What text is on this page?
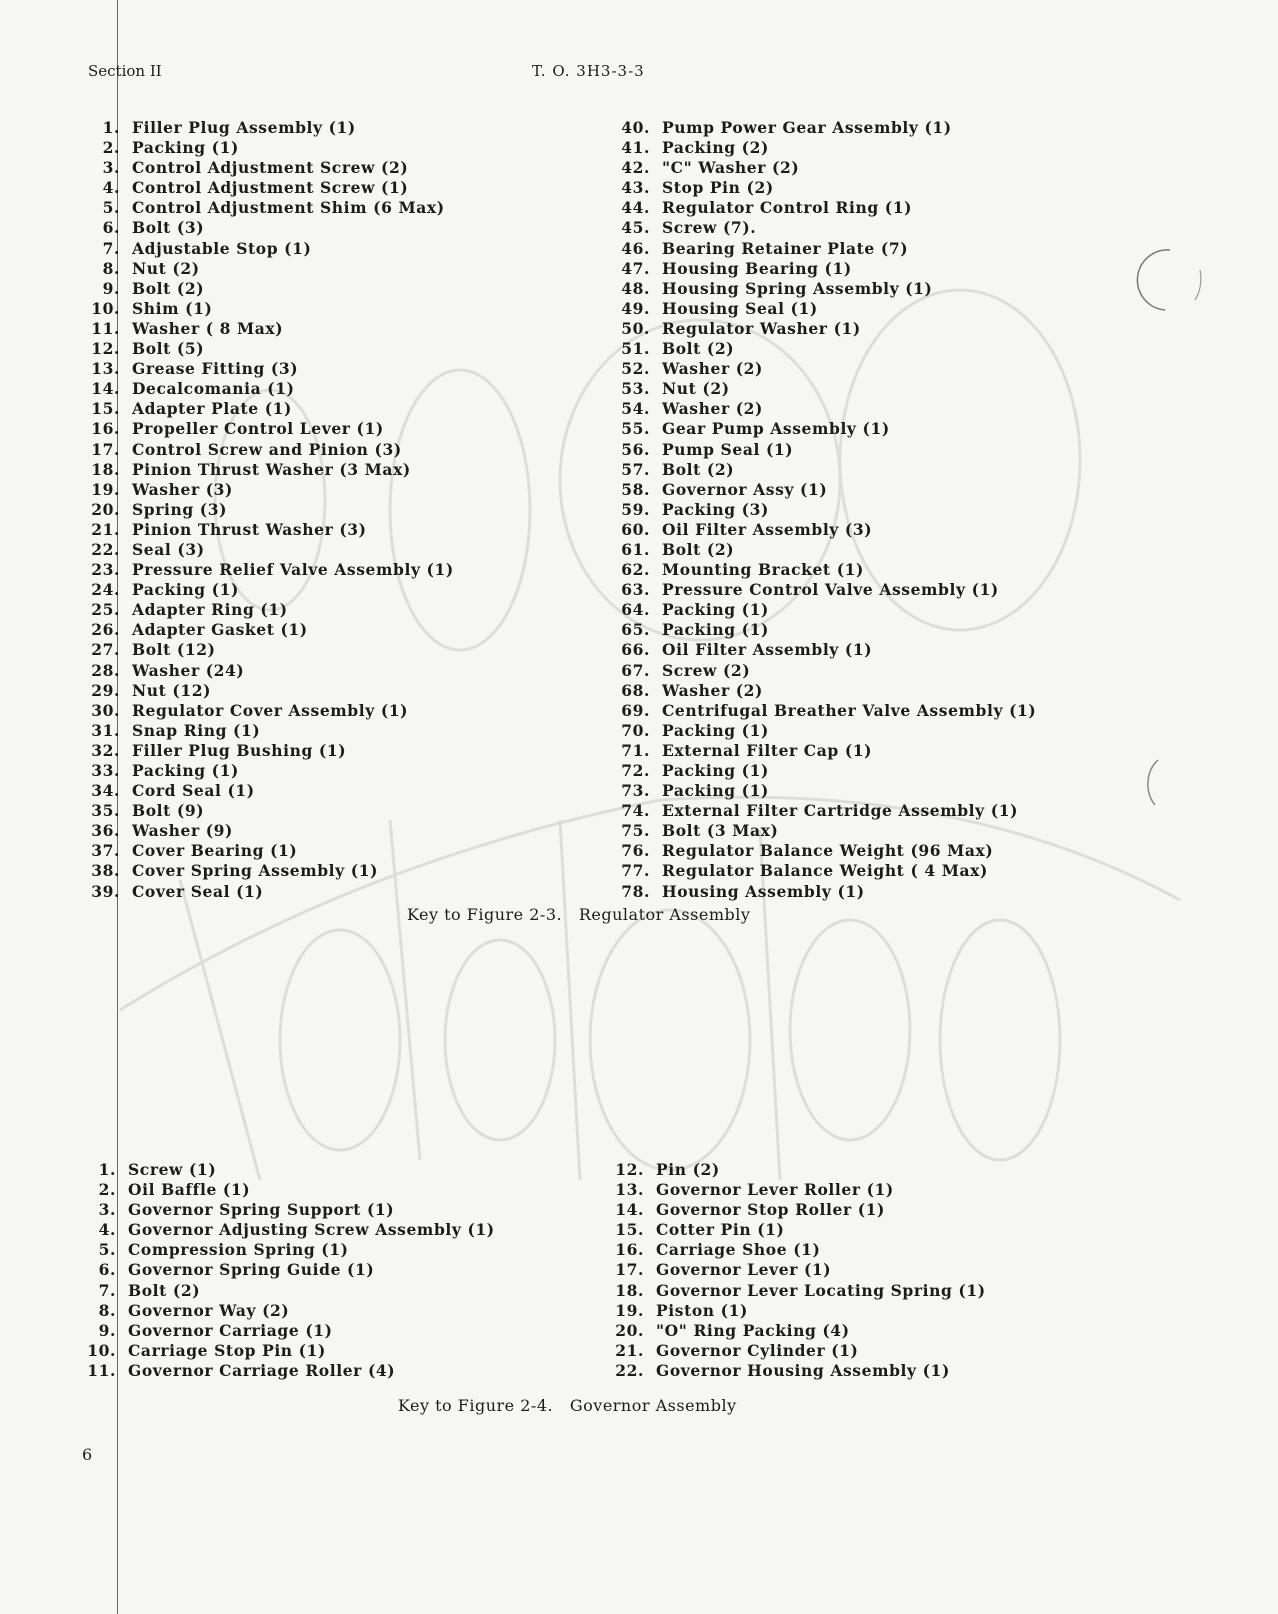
Section II	T. O. 3H3-3-3
1. Filler Plug Assembly (1)
2. Packing (1)
3. Control Adjustment Screw (2)
4. Control Adjustment Screw (1)
5. Control Adjustment Shim (6 Max)
6. Bolt (3)
7. Adjustable Stop (1)
8. Nut (2)
9. Bolt (2)
10. Shim (1)
11. Washer ( 8 Max)
12. Bolt (5)
13. Grease Fitting (3)
14. Decalcomania (1)
15. Adapter Plate (1)
16. Propeller Control Lever (1)
17. Control Screw and Pinion (3)
18. Pinion Thrust Washer (3 Max)
19. Washer (3)
20. Spring (3)
21. Pinion Thrust Washer (3)
22. Seal (3)
23. Pressure Relief Valve Assembly (1)
24. Packing (1)
25. Adapter Ring (1)
26. Adapter Gasket (1)
27. Bolt (12)
28. Washer (24)
29. Nut (12)
30. Regulator Cover Assembly (1)
31. Snap Ring (1)
32. Filler Plug Bushing (1)
33. Packing (1)
34. Cord Seal (1)
35. Bolt (9)
36. Washer (9)
37. Cover Bearing (1)
38. Cover Spring Assembly (1)
39. Cover Seal (1)
40. Pump Power Gear Assembly (1)
41. Packing (2)
42. "C" Washer (2)
43. Stop Pin (2)
44. Regulator Control Ring (1)
45. Screw (7).
46. Bearing Retainer Plate (7)
47. Housing Bearing (1)
48. Housing Spring Assembly (1)
49. Housing Seal (1)
50. Regulator Washer (1)
51. Bolt (2)
52. Washer (2)
53. Nut (2)
54. Washer (2)
55. Gear Pump Assembly (1)
56. Pump Seal (1)
57. Bolt (2)
58. Governor Assy (1)
59. Packing (3)
60. Oil Filter Assembly (3)
61. Bolt (2)
62. Mounting Bracket (1)
63. Pressure Control Valve Assembly (1)
64. Packing (1)
65. Packing (1)
66. Oil Filter Assembly (1)
67. Screw (2)
68. Washer (2)
69. Centrifugal Breather Valve Assembly (1)
70. Packing (1)
71. External Filter Cap (1)
72. Packing (1)
73. Packing (1)
74. External Filter Cartridge Assembly (1)
75. Bolt (3 Max)
76. Regulator Balance Weight (96 Max)
77. Regulator Balance Weight ( 4 Max)
78. Housing Assembly (1)
Key to Figure 2-3. Regulator Assembly
1. Screw (1)
2. Oil Baffle (1)
3. Governor Spring Support (1)
4. Governor Adjusting Screw Assembly (1)
5. Compression Spring (1)
6. Governor Spring Guide (1)
7. Bolt (2)
8. Governor Way (2)
9. Governor Carriage (1)
10. Carriage Stop Pin (1)
11. Governor Carriage Roller (4)
12. Pin (2)
13. Governor Lever Roller (1)
14. Governor Stop Roller (1)
15. Cotter Pin (1)
16. Carriage Shoe (1)
17. Governor Lever (1)
18. Governor Lever Locating Spring (1)
19. Piston (1)
20. "O" Ring Packing (4)
21. Governor Cylinder (1)
22. Governor Housing Assembly (1)
Key to Figure 2-4. Governor Assembly
6
